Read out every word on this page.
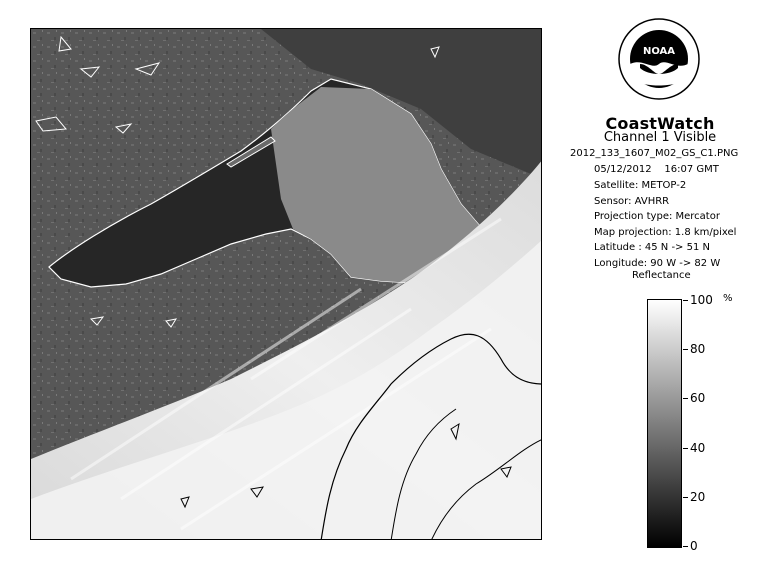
NOAA
CoastWatch
Channel 1 Visible
2012_133_1607_M02_GS_C1.PNG
05/12/2012 16:07 GMT
Satellite: METOP-2
Sensor: AVHRR
Projection type: Mercator
Map projection: 1.8 km/pixel
Latitude : 45 N -> 51 N
Longitude: 90 W -> 82 W
Reflectance
%
100
80
60
40
20
0
